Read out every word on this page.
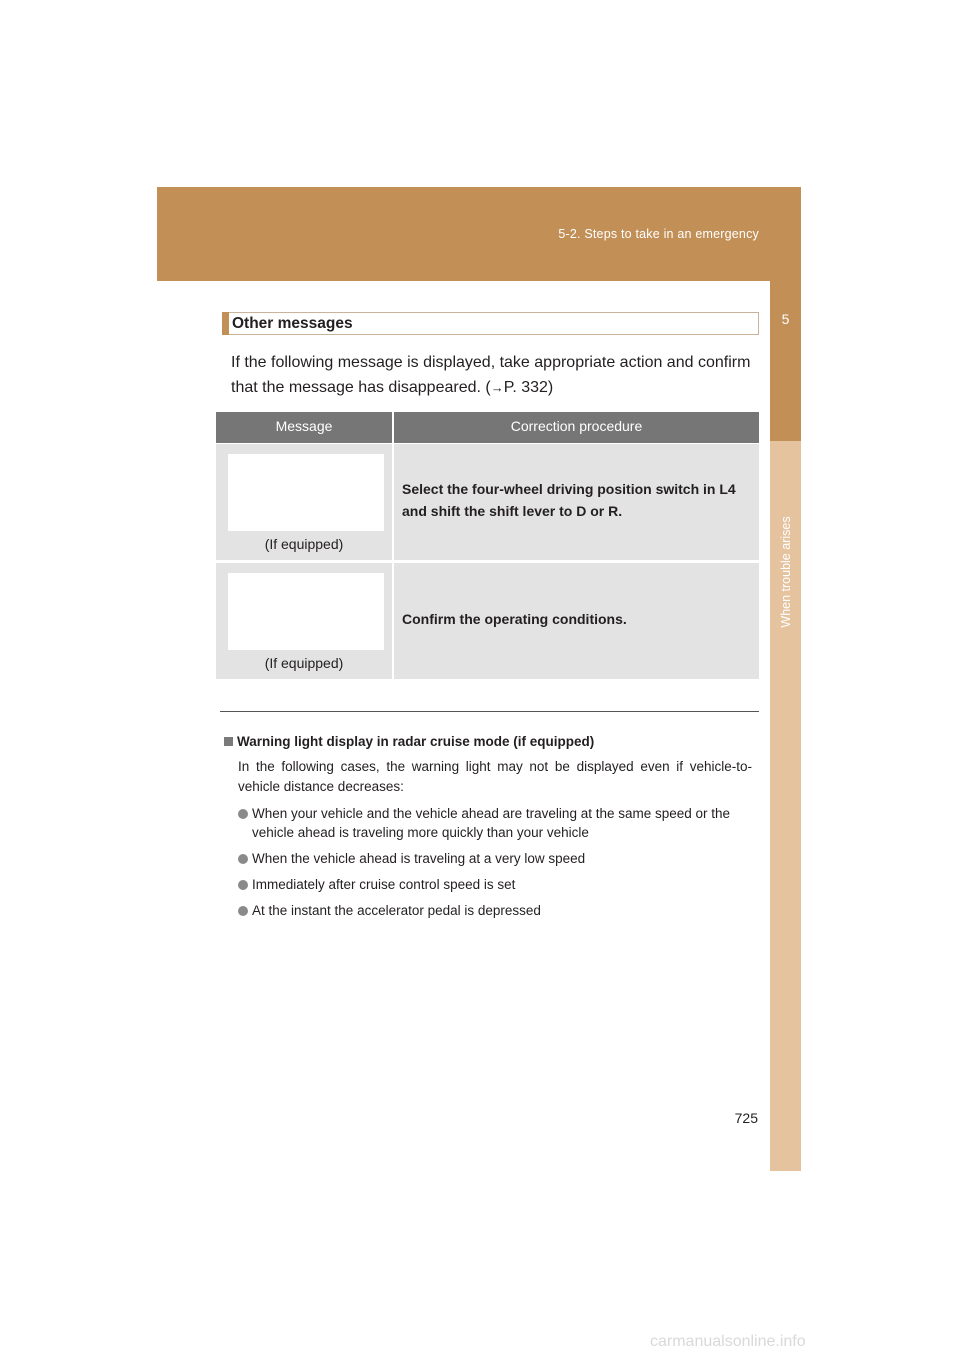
5-2. Steps to take in an emergency
5
When trouble arises
Other messages

If the following message is displayed, take appropriate action and confirm that the message has disappeared. (→P. 332)

Message	Correction procedure
(If equipped)
Select the four-wheel driving position switch in L4 and shift the shift lever to D or R.
(If equipped)
Confirm the operating conditions.
Warning light display in radar cruise mode (if equipped)

In the following cases, the warning light may not be displayed even if vehicle-to-vehicle distance decreases:

When your vehicle and the vehicle ahead are traveling at the same speed or the vehicle ahead is traveling more quickly than your vehicle
When the vehicle ahead is traveling at a very low speed
Immediately after cruise control speed is set
At the instant the accelerator pedal is depressed
725
carmanualsonline.info
